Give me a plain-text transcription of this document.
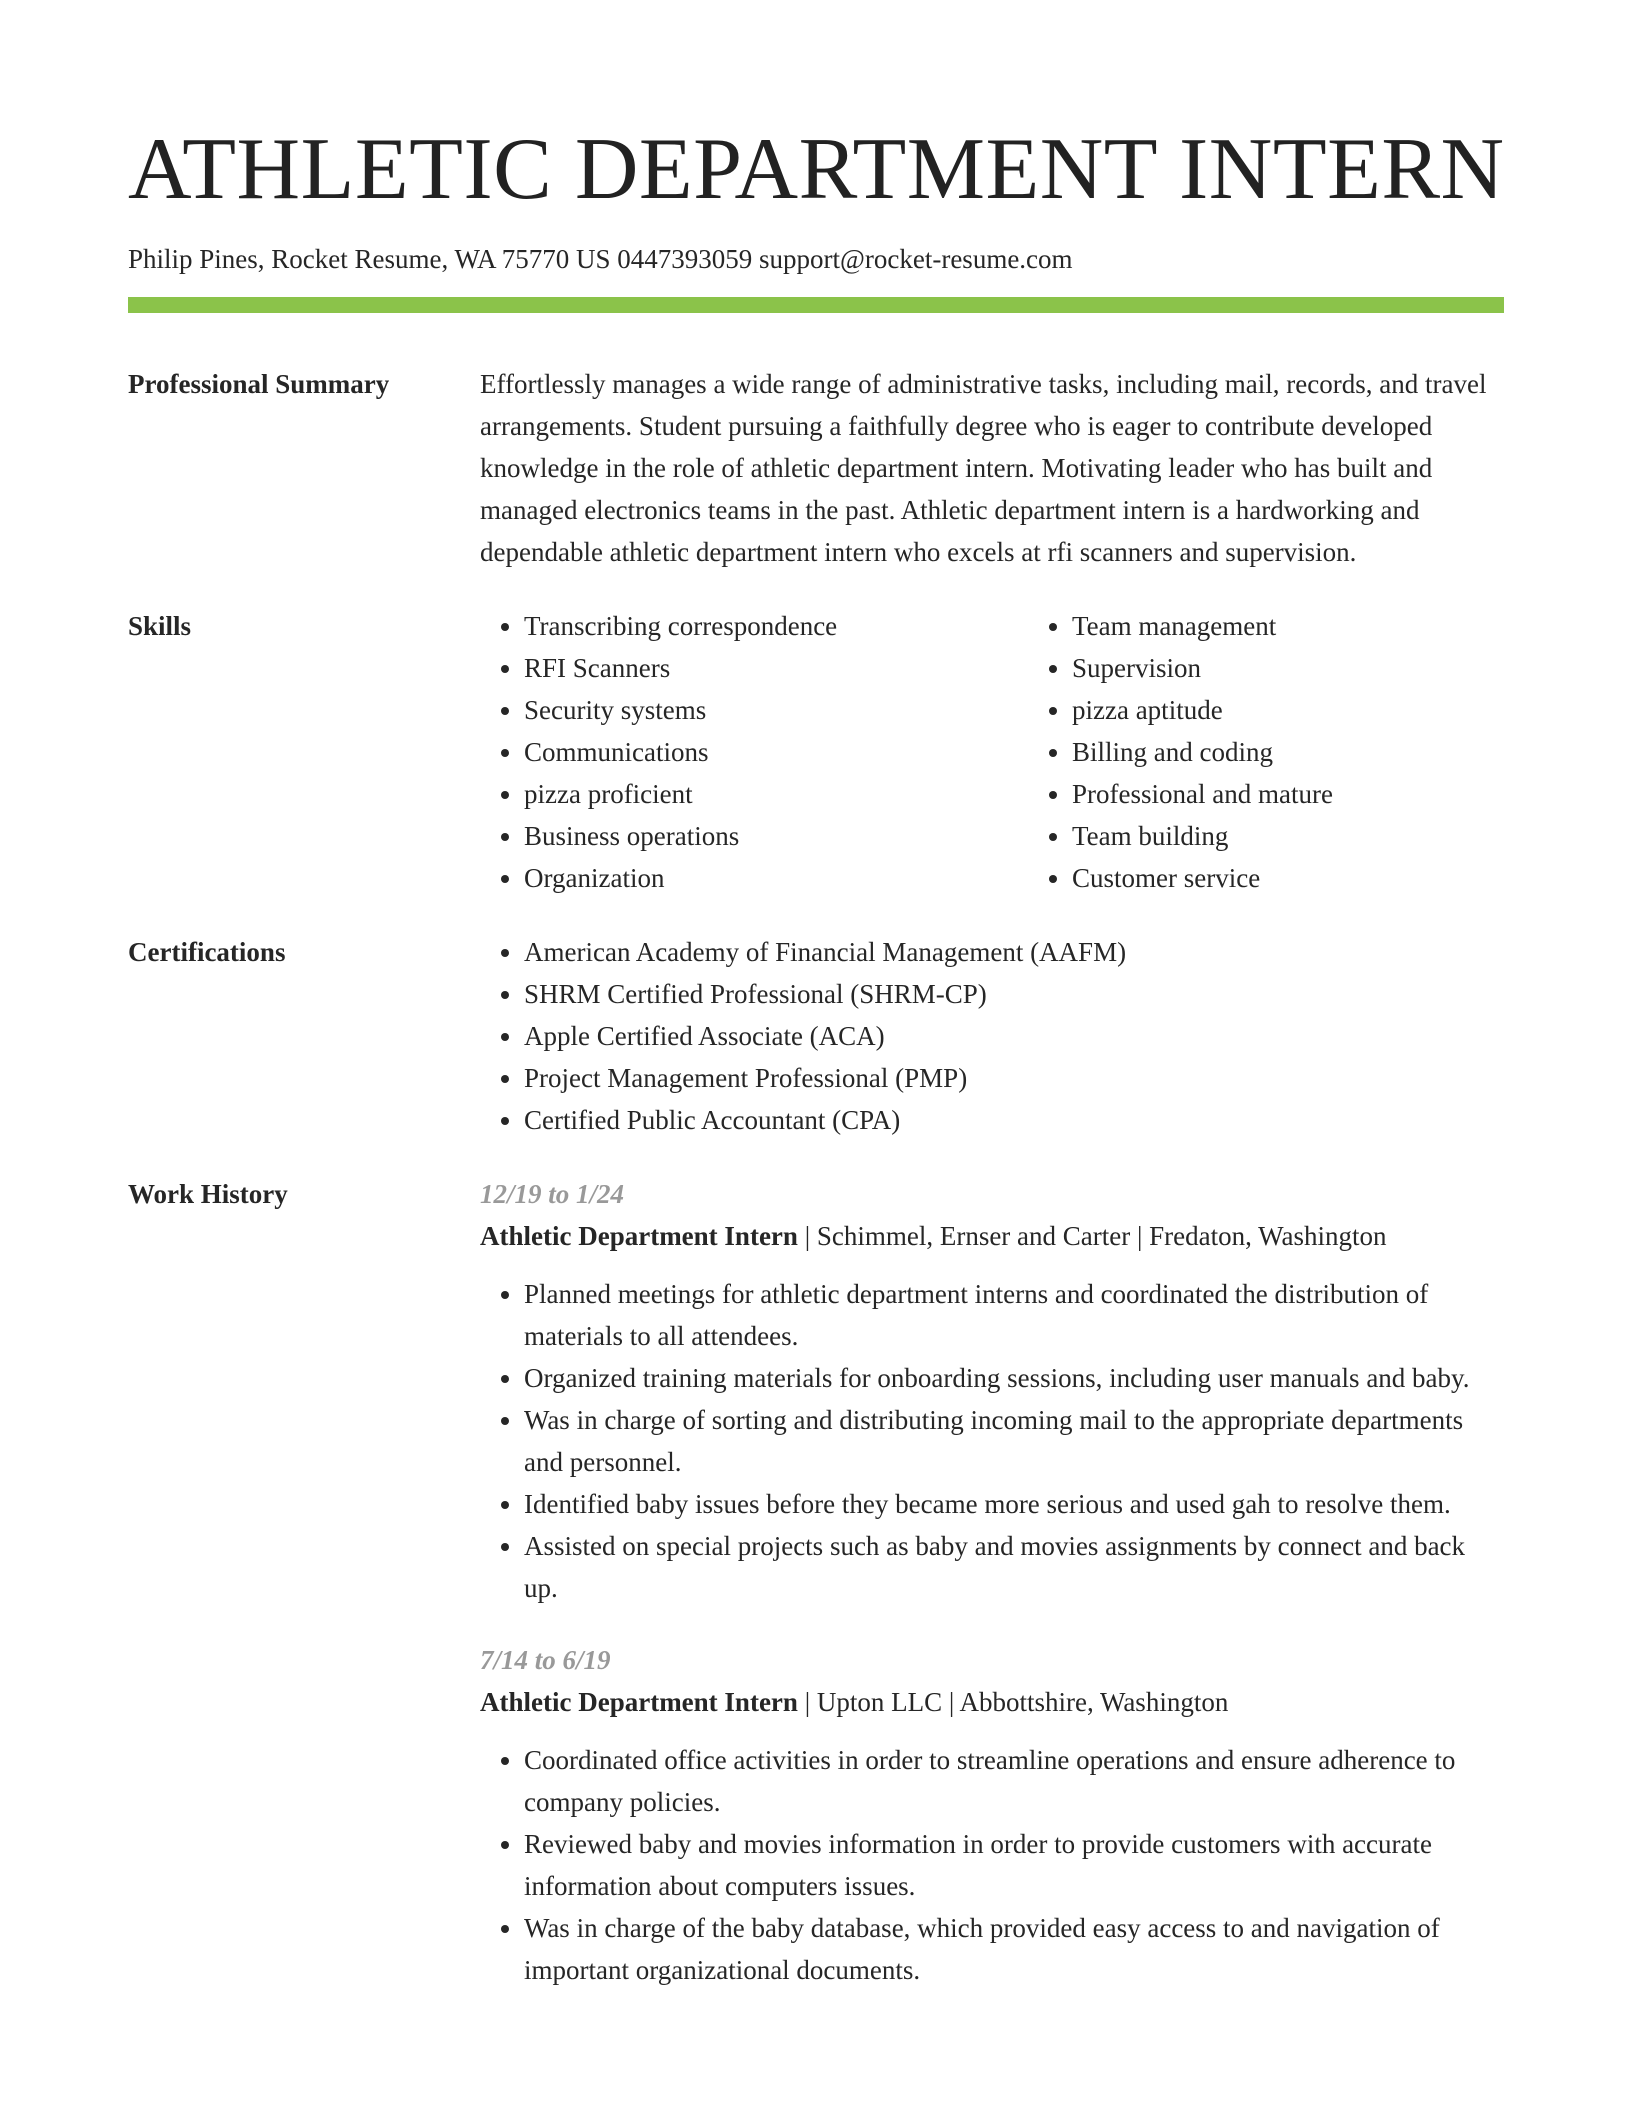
ATHLETIC DEPARTMENT INTERN
Philip Pines, Rocket Resume, WA 75770 US 0447393059 support@rocket-resume.com
Professional Summary	Effortlessly manages a wide range of administrative tasks, including mail, records, and travel arrangements. Student pursuing a faithfully degree who is eager to contribute developed knowledge in the role of athletic department intern. Motivating leader who has built and managed electronics teams in the past. Athletic department intern is a hardworking and dependable athletic department intern who excels at rfi scanners and supervision.

Skills	• Transcribing correspondence
• RFI Scanners
• Security systems
• Communications
• pizza proficient
• Business operations
• Organization
• Team management
• Supervision
• pizza aptitude
• Billing and coding
• Professional and mature
• Team building
• Customer service
Certifications	• American Academy of Financial Management (AAFM)
• SHRM Certified Professional (SHRM-CP)
• Apple Certified Associate (ACA)
• Project Management Professional (PMP)
• Certified Public Accountant (CPA)
Work History	12/19 to 1/24
Athletic Department Intern | Schimmel, Ernser and Carter | Fredaton, Washington
• Planned meetings for athletic department interns and coordinated the distribution of materials to all attendees.
• Organized training materials for onboarding sessions, including user manuals and baby.
• Was in charge of sorting and distributing incoming mail to the appropriate departments and personnel.
• Identified baby issues before they became more serious and used gah to resolve them.
• Assisted on special projects such as baby and movies assignments by connect and back up.
7/14 to 6/19
Athletic Department Intern | Upton LLC | Abbottshire, Washington
• Coordinated office activities in order to streamline operations and ensure adherence to company policies.
• Reviewed baby and movies information in order to provide customers with accurate information about computers issues.
• Was in charge of the baby database, which provided easy access to and navigation of important organizational documents.
